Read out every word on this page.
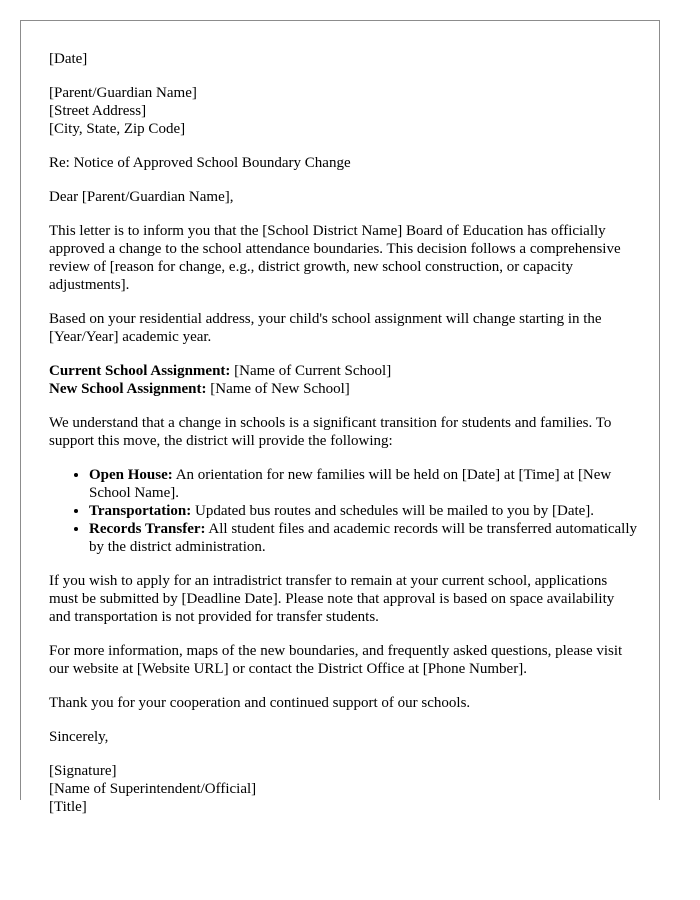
[Date]

[Parent/Guardian Name]
[Street Address]
[City, State, Zip Code]

Re: Notice of Approved School Boundary Change

Dear [Parent/Guardian Name],

This letter is to inform you that the [School District Name] Board of Education has officially approved a change to the school attendance boundaries. This decision follows a comprehensive review of [reason for change, e.g., district growth, new school construction, or capacity adjustments].

Based on your residential address, your child's school assignment will change starting in the [Year/Year] academic year.

Current School Assignment: [Name of Current School]
New School Assignment: [Name of New School]

We understand that a change in schools is a significant transition for students and families. To support this move, the district will provide the following:

• Open House: An orientation for new families will be held on [Date] at [Time] at [New School Name].
• Transportation: Updated bus routes and schedules will be mailed to you by [Date].
• Records Transfer: All student files and academic records will be transferred automatically by the district administration.

If you wish to apply for an intradistrict transfer to remain at your current school, applications must be submitted by [Deadline Date]. Please note that approval is based on space availability and transportation is not provided for transfer students.

For more information, maps of the new boundaries, and frequently asked questions, please visit our website at [Website URL] or contact the District Office at [Phone Number].

Thank you for your cooperation and continued support of our schools.

Sincerely,

[Signature]
[Name of Superintendent/Official]
[Title]
